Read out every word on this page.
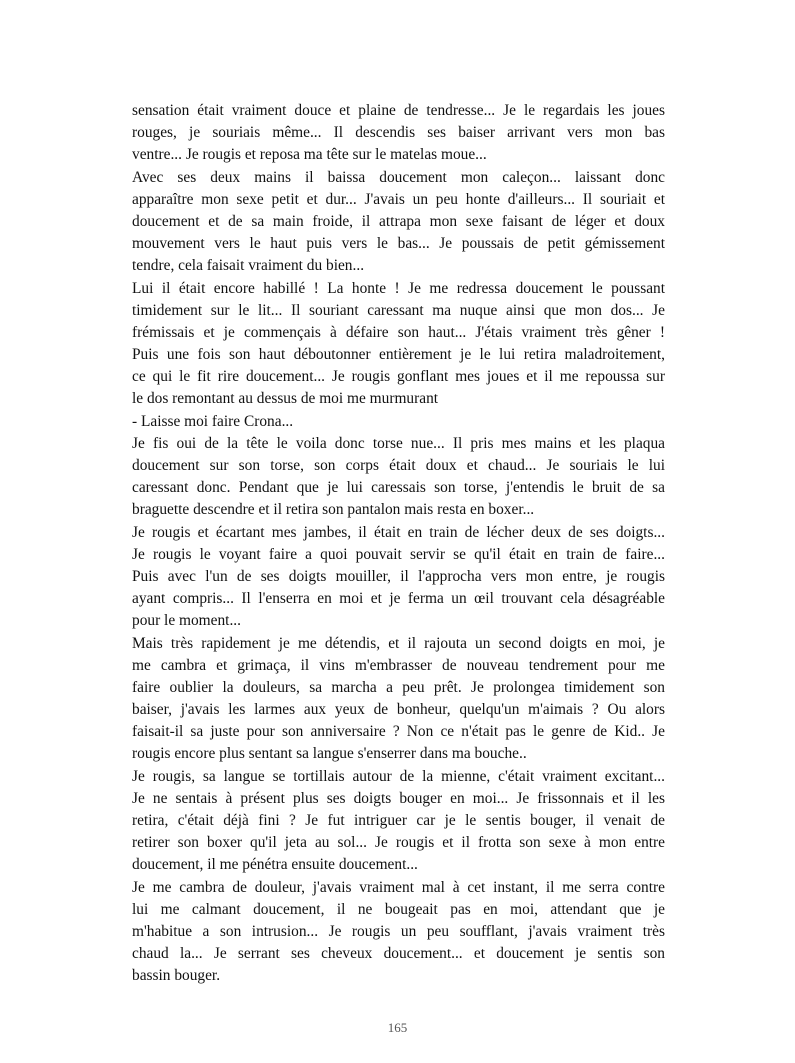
sensation était vraiment douce et plaine de tendresse... Je le regardais les joues
rouges, je souriais même... Il descendis ses baiser arrivant vers mon bas
ventre... Je rougis et reposa ma tête sur le matelas moue...
Avec ses deux mains il baissa doucement mon caleçon... laissant donc
apparaître mon sexe petit et dur... J'avais un peu honte d'ailleurs... Il souriait et
doucement et de sa main froide, il attrapa mon sexe faisant de léger et doux
mouvement vers le haut puis vers le bas... Je poussais de petit gémissement
tendre, cela faisait vraiment du bien...
Lui il était encore habillé ! La honte ! Je me redressa doucement le poussant
timidement sur le lit... Il souriant caressant ma nuque ainsi que mon dos... Je
frémissais et je commençais à défaire son haut... J'étais vraiment très gêner !
Puis une fois son haut déboutonner entièrement je le lui retira maladroitement,
ce qui le fit rire doucement... Je rougis gonflant mes joues et il me repoussa sur
le dos remontant au dessus de moi me murmurant
- Laisse moi faire Crona...
Je fis oui de la tête le voila donc torse nue... Il pris mes mains et les plaqua
doucement sur son torse, son corps était doux et chaud... Je souriais le lui
caressant donc. Pendant que je lui caressais son torse, j'entendis le bruit de sa
braguette descendre et il retira son pantalon mais resta en boxer...
Je rougis et écartant mes jambes, il était en train de lécher deux de ses doigts...
Je rougis le voyant faire a quoi pouvait servir se qu'il était en train de faire...
Puis avec l'un de ses doigts mouiller, il l'approcha vers mon entre, je rougis
ayant compris... Il l'enserra en moi et je ferma un œil trouvant cela désagréable
pour le moment...
Mais très rapidement je me détendis, et il rajouta un second doigts en moi, je
me cambra et grimaça, il vins m'embrasser de nouveau tendrement pour me
faire oublier la douleurs, sa marcha a peu prêt. Je prolongea timidement son
baiser, j'avais les larmes aux yeux de bonheur, quelqu'un m'aimais ? Ou alors
faisait-il sa juste pour son anniversaire ? Non ce n'était pas le genre de Kid.. Je
rougis encore plus sentant sa langue s'enserrer dans ma bouche..
Je rougis, sa langue se tortillais autour de la mienne, c'était vraiment excitant...
Je ne sentais à présent plus ses doigts bouger en moi... Je frissonnais et il les
retira, c'était déjà fini ? Je fut intriguer car je le sentis bouger, il venait de
retirer son boxer qu'il jeta au sol... Je rougis et il frotta son sexe à mon entre
doucement, il me pénétra ensuite doucement...
Je me cambra de douleur, j'avais vraiment mal à cet instant, il me serra contre
lui me calmant doucement, il ne bougeait pas en moi, attendant que je
m'habitue a son intrusion... Je rougis un peu soufflant, j'avais vraiment très
chaud la... Je serrant ses cheveux doucement... et doucement je sentis son
bassin bouger.
165
